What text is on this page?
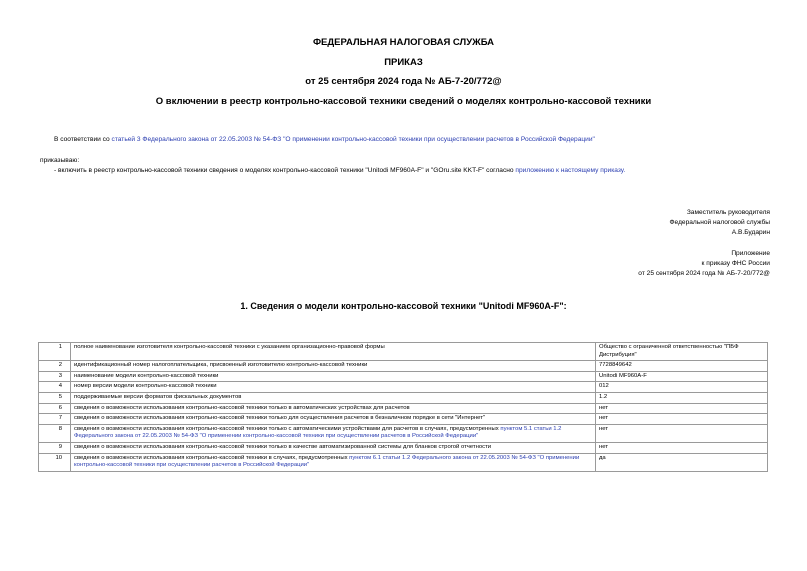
ФЕДЕРАЛЬНАЯ НАЛОГОВАЯ СЛУЖБА
ПРИКАЗ
от 25 сентября 2024 года № АБ-7-20/772@
О включении в реестр контрольно-кассовой техники сведений о моделях контрольно-кассовой техники
В соответствии со статьей 3 Федерального закона от 22.05.2003 № 54-ФЗ "О применении контрольно-кассовой техники при осуществлении расчетов в Российской Федерации"
приказываю:
- включить в реестр контрольно-кассовой техники сведения о моделях контрольно-кассовой техники "Unitodi MF960A-F" и "GOru.site KKT-F" согласно приложению к настоящему приказу.
Заместитель руководителя
Федеральной налоговой службы
А.В.Бударин
Приложение
к приказу ФНС России
от 25 сентября 2024 года № АБ-7-20/772@
1. Сведения о модели контрольно-кассовой техники "Unitodi MF960A-F":
1	полное наименование изготовителя контрольно-кассовой техники с указанием организационно-правовой формы	Общество с ограниченной ответственностью "ПБФ Дистрибуция"
2	идентификационный номер налогоплательщика, присвоенный изготовителю контрольно-кассовой техники	7728849642
3	наименование модели контрольно-кассовой техники	Unitodi MF960A-F
4	номер версии модели контрольно-кассовой техники	012
5	поддерживаемые версии форматов фискальных документов	1.2
6	сведения о возможности использования контрольно-кассовой техники только в автоматических устройствах для расчетов	нет
7	сведения о возможности использования контрольно-кассовой техники только для осуществления расчетов в безналичном порядке в сети "Интернет"	нет
8	сведения о возможности использования контрольно-кассовой техники только с автоматическими устройствами для расчетов в случаях, предусмотренных пунктом 5.1 статьи 1.2 Федерального закона от 22.05.2003 № 54-ФЗ "О применении контрольно-кассовой техники при осуществлении расчетов в Российской Федерации"	нет
9	сведения о возможности использования контрольно-кассовой техники только в качестве автоматизированной системы для бланков строгой отчетности	нет
10	сведения о возможности использования контрольно-кассовой техники в случаях, предусмотренных пунктом 6.1 статьи 1.2 Федерального закона от 22.05.2003 № 54-ФЗ "О применении контрольно-кассовой техники при осуществлении расчетов в Российской Федерации"	да
